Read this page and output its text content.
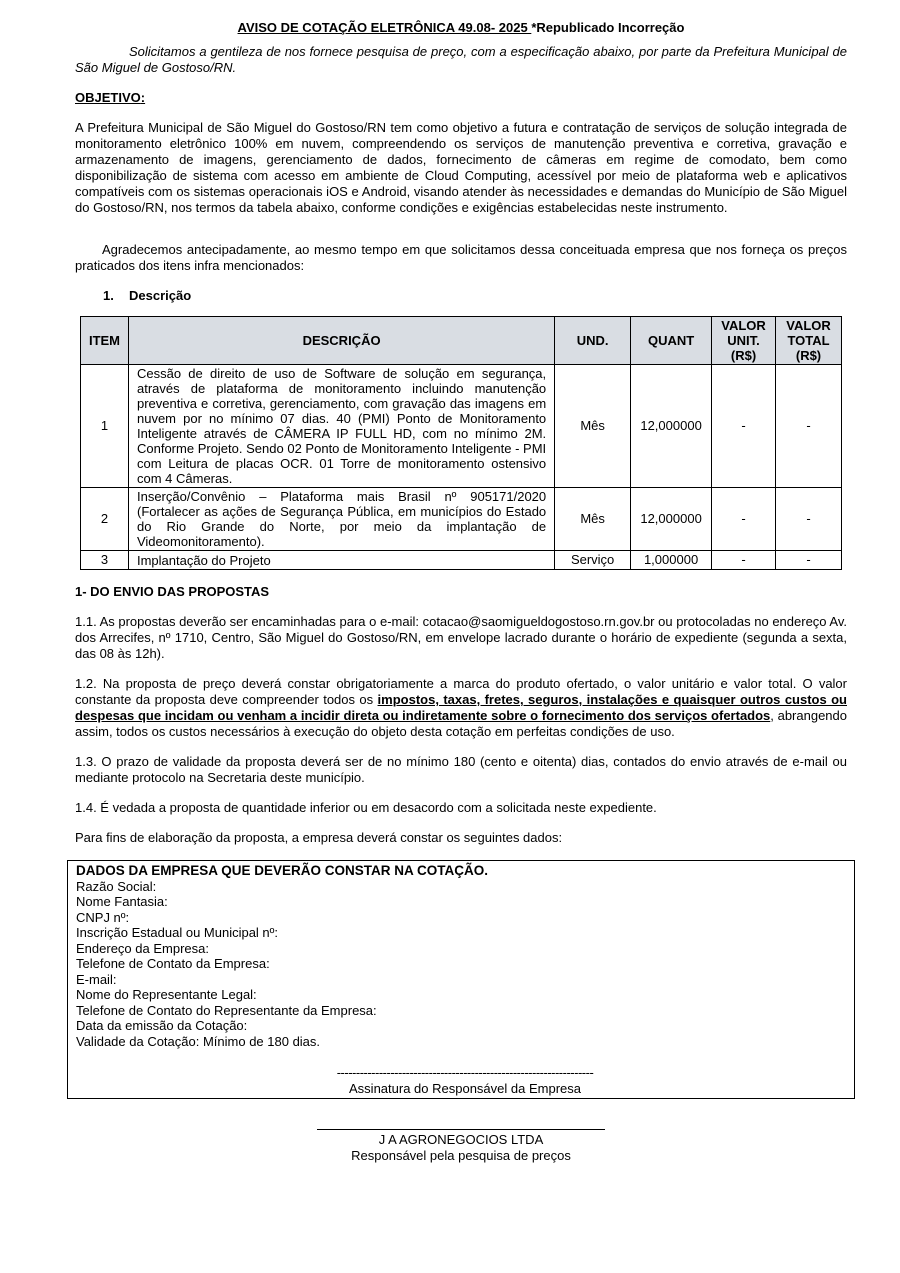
AVISO DE COTAÇÃO ELETRÔNICA 49.08- 2025 *Republicado Incorreção

Solicitamos a gentileza de nos fornece pesquisa de preço, com a especificação abaixo, por parte da Prefeitura Municipal de São Miguel de Gostoso/RN.

OBJETIVO:

A Prefeitura Municipal de São Miguel do Gostoso/RN tem como objetivo a futura e contratação de serviços de solução integrada de monitoramento eletrônico 100% em nuvem, compreendendo os serviços de manutenção preventiva e corretiva, gravação e armazenamento de imagens, gerenciamento de dados, fornecimento de câmeras em regime de comodato, bem como disponibilização de sistema com acesso em ambiente de Cloud Computing, acessível por meio de plataforma web e aplicativos compatíveis com os sistemas operacionais iOS e Android, visando atender às necessidades e demandas do Município de São Miguel do Gostoso/RN, nos termos da tabela abaixo, conforme condições e exigências estabelecidas neste instrumento.

Agradecemos antecipadamente, ao mesmo tempo em que solicitamos dessa conceituada empresa que nos forneça os preços praticados dos itens infra mencionados:

1. Descrição
ITEM	DESCRIÇÃO	UND.	QUANT	VALOR UNIT. (R$)	VALOR TOTAL (R$)
1	Cessão de direito de uso de Software de solução em segurança, através de plataforma de monitoramento incluindo manutenção preventiva e corretiva, gerenciamento, com gravação das imagens em nuvem por no mínimo 07 dias. 40 (PMI) Ponto de Monitoramento Inteligente através de CÂMERA IP FULL HD, com no mínimo 2M. Conforme Projeto. Sendo 02 Ponto de Monitoramento Inteligente - PMI com Leitura de placas OCR. 01 Torre de monitoramento ostensivo com 4 Câmeras.	Mês	12,000000	-	-
2	Inserção/Convênio – Plataforma mais Brasil nº 905171/2020 (Fortalecer as ações de Segurança Pública, em municípios do Estado do Rio Grande do Norte, por meio da implantação de Videomonitoramento).	Mês	12,000000	-	-
3	Implantação do Projeto	Serviço	1,000000	-	-
1- DO ENVIO DAS PROPOSTAS

1.1. As propostas deverão ser encaminhadas para o e-mail: cotacao@saomigueldogostoso.rn.gov.br ou protocoladas no endereço Av. dos Arrecifes, nº 1710, Centro, São Miguel do Gostoso/RN, em envelope lacrado durante o horário de expediente (segunda a sexta, das 08 às 12h).

1.2. Na proposta de preço deverá constar obrigatoriamente a marca do produto ofertado, o valor unitário e valor total. O valor constante da proposta deve compreender todos os impostos, taxas, fretes, seguros, instalações e quaisquer outros custos ou despesas que incidam ou venham a incidir direta ou indiretamente sobre o fornecimento dos serviços ofertados, abrangendo assim, todos os custos necessários à execução do objeto desta cotação em perfeitas condições de uso.

1.3. O prazo de validade da proposta deverá ser de no mínimo 180 (cento e oitenta) dias, contados do envio através de e-mail ou mediante protocolo na Secretaria deste município.

1.4. É vedada a proposta de quantidade inferior ou em desacordo com a solicitada neste expediente.

Para fins de elaboração da proposta, a empresa deverá constar os seguintes dados:

DADOS DA EMPRESA QUE DEVERÃO CONSTAR NA COTAÇÃO.
Razão Social:
Nome Fantasia:
CNPJ nº:
Inscrição Estadual ou Municipal nº:
Endereço da Empresa:
Telefone de Contato da Empresa:
E-mail:
Nome do Representante Legal:
Telefone de Contato do Representante da Empresa:
Data da emissão da Cotação:
Validade da Cotação: Mínimo de 180 dias.
-------------------------------------------------------------------
Assinatura do Responsável da Empresa
J A AGRONEGOCIOS LTDA
Responsável pela pesquisa de preços
